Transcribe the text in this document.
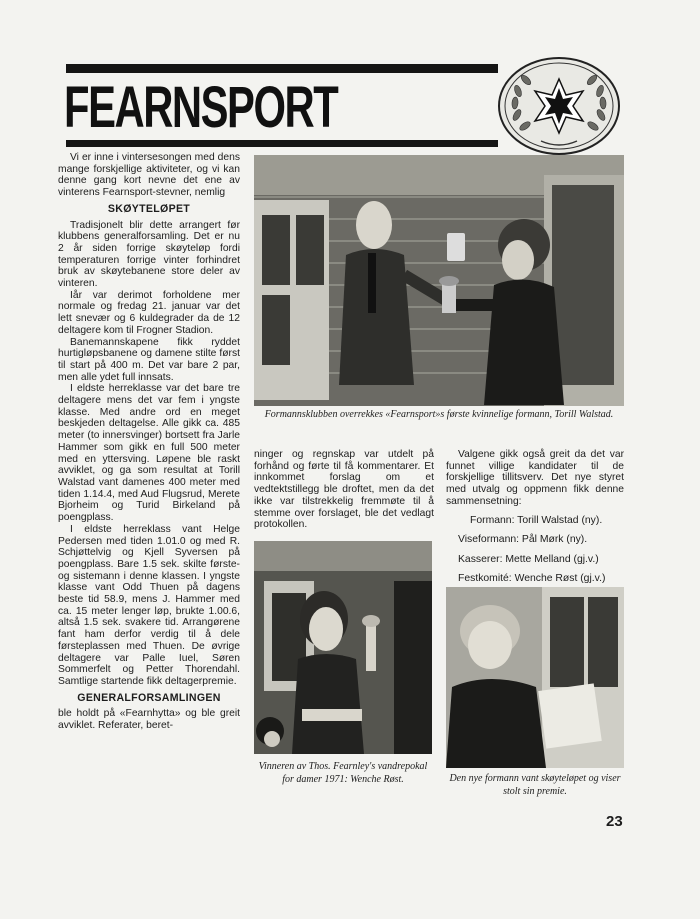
FEARNSPORT

Vi er inne i vintersesongen med dens mange forskjellige aktiviteter, og vi kan denne gang kort nevne det ene av vinterens Fearnsport-stevner, nemlig

SKØYTELØPET

Tradisjonelt blir dette arrangert før klubbens generalforsamling. Det er nu 2 år siden forrige skøyteløp fordi temperaturen forrige vinter forhindret bruk av skøytebanene store deler av vinteren.

Iår var derimot forholdene mer normale og fredag 21. januar var det lett snevær og 6 kuldegrader da de 12 deltagere kom til Frogner Stadion.

Banemannskapene fikk ryddet hurtigløpsbanene og damene stilte først til start på 400 m. Det var bare 2 par, men alle ydet full innsats.

I eldste herreklasse var det bare tre deltagere mens det var fem i yngste klasse. Med andre ord en meget beskjeden deltagelse. Alle gikk ca. 485 meter (to innersvinger) bortsett fra Jarle Hammer som gikk en full 500 meter med en yttersving. Løpene ble raskt avviklet, og ga som resultat at Torill Walstad vant damenes 400 meter med tiden 1.14.4, med Aud Flugsrud, Merete Bjorheim og Turid Birkeland på poengplass.

I eldste herreklass vant Helge Pedersen med tiden 1.01.0 og med R. Schjøttelvig og Kjell Syversen på poengplass. Bare 1.5 sek. skilte første- og sistemann i denne klassen. I yngste klasse vant Odd Thuen på dagens beste tid 58.9, mens J. Hammer med ca. 15 meter lenger løp, brukte 1.00.6, altså 1.5 sek. svakere tid. Arrangørene fant ham derfor verdig til å dele førsteplassen med Thuen. De øvrige deltagere var Palle Iuel, Søren Sommerfelt og Petter Thorendahl. Samtlige startende fikk deltagerpremie.

GENERALFORSAMLINGEN

ble holdt på «Fearnhytta» og ble greit avviklet. Referater, beret-

Formannsklubben overrekkes «Fearnsport»s første kvinnelige formann, Torill Walstad.

ninger og regnskap var utdelt på forhånd og førte til få kommentarer. Et innkommet forslag om et vedtektstillegg ble droftet, men da det ikke var tilstrekkelig fremmøte til å stemme over forslaget, ble det vedlagt protokollen.

Valgene gikk også greit da det var funnet villige kandidater til de forskjellige tillitsverv. Det nye styret med utvalg og oppmenn fikk denne sammensetning:

Formann: Torill Walstad (ny).

Viseformann: Pål Mørk (ny).

Kasserer: Mette Melland (gj.v.)

Festkomité: Wenche Røst (gj.v.)

Vinneren av Thos. Fearnley's vandrepokal for damer 1971: Wenche Røst.	Den nye formann vant skøyteløpet og viser stolt sin premie.

23
